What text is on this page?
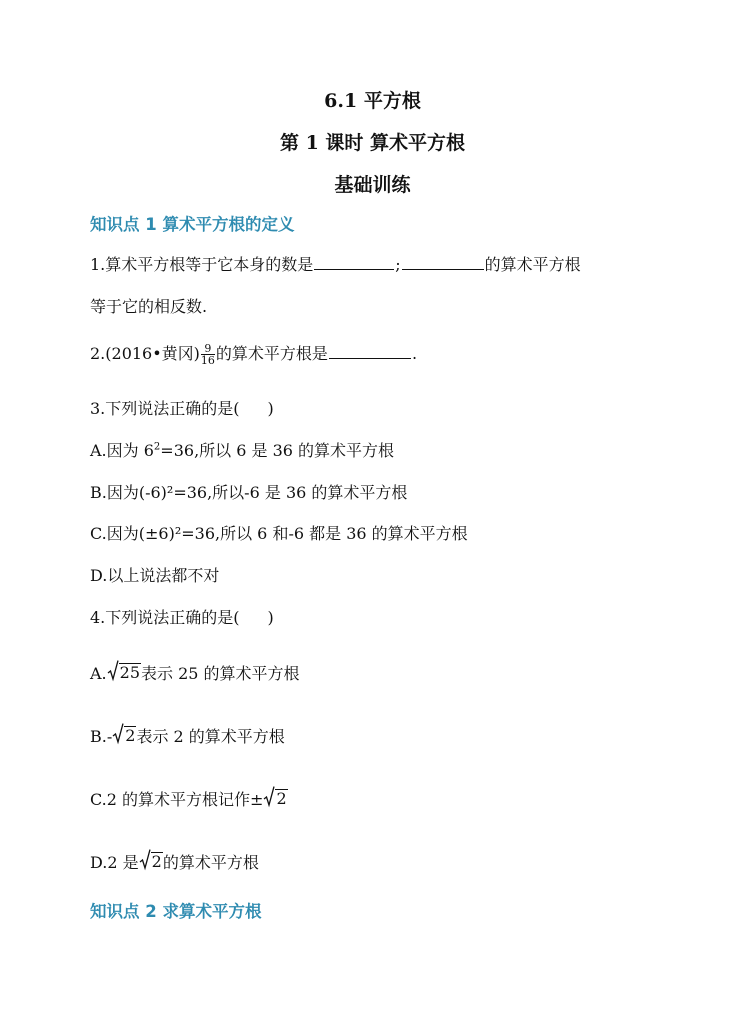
6.1 平方根
第 1 课时 算术平方根
基础训练
知识点 1 算术平方根的定义
1.算术平方根等于它本身的数是	;	的算术平方根
等于它的相反数.
2.(2016•黄冈) $\frac{9}{16}$ 的算术平方根是	.
3.下列说法正确的是( )
A.因为 $6^2=36$,所以 6 是 36 的算术平方根
B.因为(-6)²=36,所以-6 是 36 的算术平方根
C.因为(±6)²=36,所以 6 和-6 都是 36 的算术平方根
D.以上说法都不对
4.下列说法正确的是( )
A. 25 表示 25 的算术平方根
B.- 2 表示 2 的算术平方根
C.2 的算术平方根记作± 2
D.2 是 2 的算术平方根
知识点 2 求算术平方根
